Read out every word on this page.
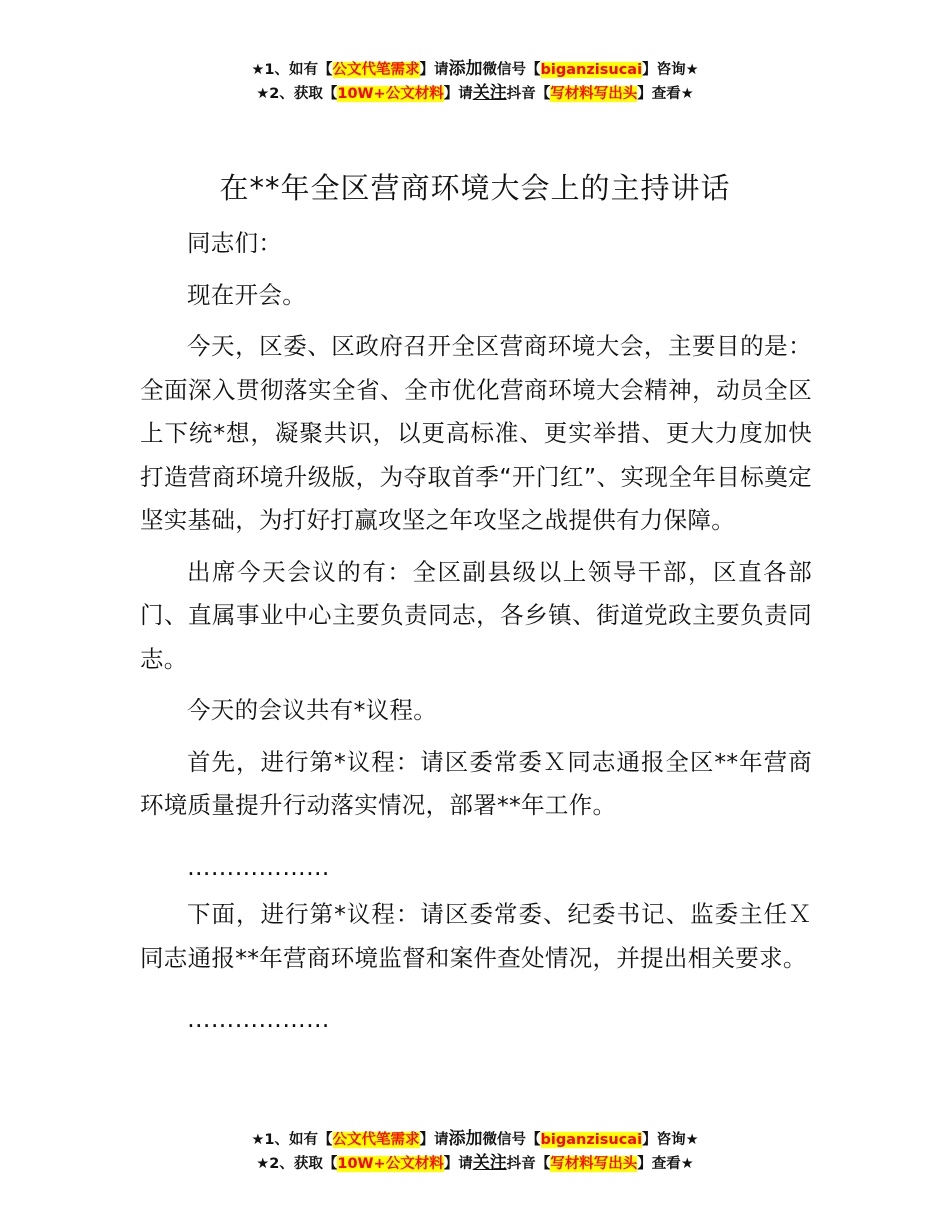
★1、如有【公文代笔需求】请添加微信号【biganzisucai】咨询★
★2、获取【10W+公文材料】请关注抖音【写材料写出头】查看★
在**年全区营商环境大会上的主持讲话

同志们：

现在开会。

今天，区委、区政府召开全区营商环境大会，主要目的是：全面深入贯彻落实全省、全市优化营商环境大会精神，动员全区上下统*想，凝聚共识，以更高标准、更实举措、更大力度加快打造营商环境升级版，为夺取首季“开门红”、实现全年目标奠定坚实基础，为打好打赢攻坚之年攻坚之战提供有力保障。

出席今天会议的有：全区副县级以上领导干部，区直各部门、直属事业中心主要负责同志，各乡镇、街道党政主要负责同志。

今天的会议共有*议程。

首先，进行第*议程：请区委常委Ｘ同志通报全区**年营商环境质量提升行动落实情况，部署**年工作。

………………

下面，进行第*议程：请区委常委、纪委书记、监委主任Ｘ同志通报**年营商环境监督和案件查处情况，并提出相关要求。

………………

★1、如有【公文代笔需求】请添加微信号【biganzisucai】咨询★
★2、获取【10W+公文材料】请关注抖音【写材料写出头】查看★
